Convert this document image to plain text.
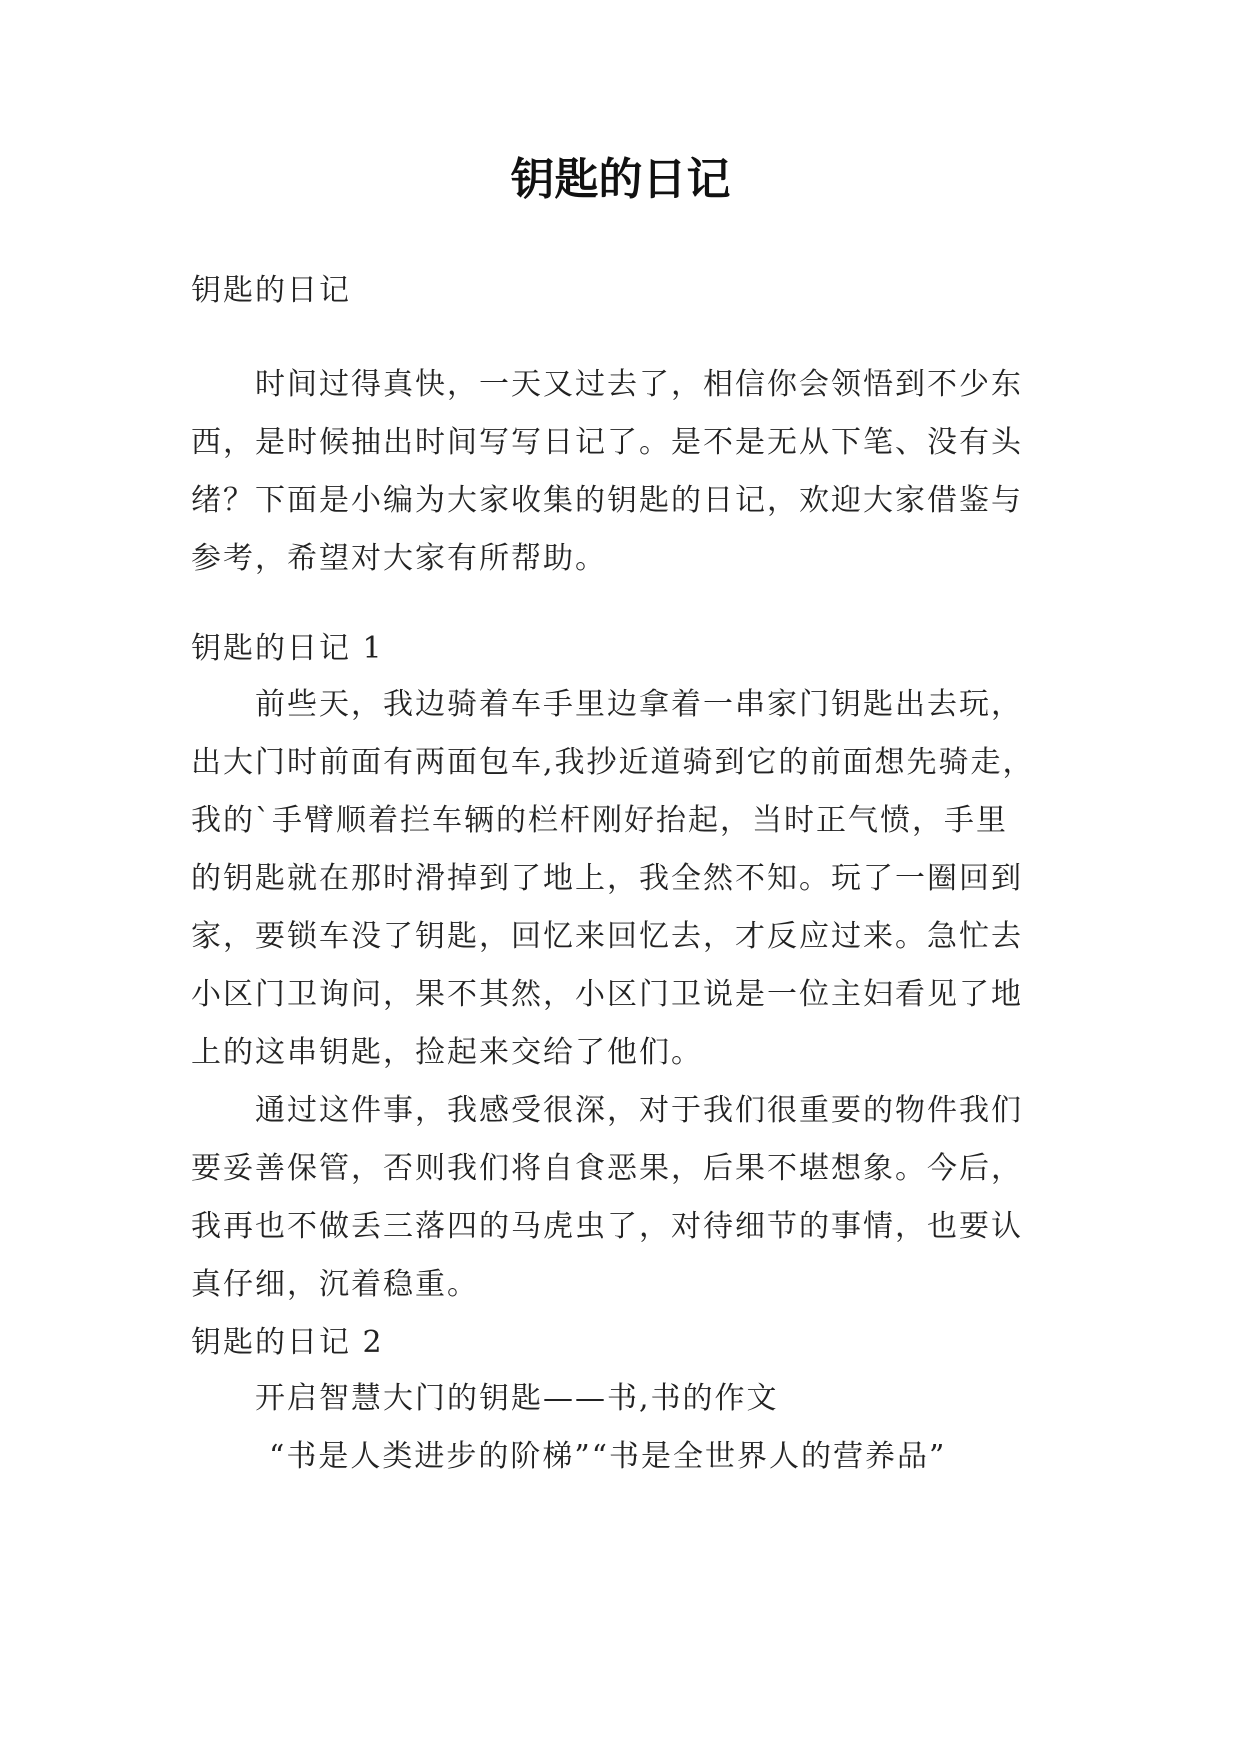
钥匙的日记

钥匙的日记

时间过得真快，一天又过去了，相信你会领悟到不少东
西，是时候抽出时间写写日记了。是不是无从下笔、没有头
绪？下面是小编为大家收集的钥匙的日记，欢迎大家借鉴与
参考，希望对大家有所帮助。

钥匙的日记 1

前些天，我边骑着车手里边拿着一串家门钥匙出去玩，
出大门时前面有两面包车,我抄近道骑到它的前面想先骑走，
我的`手臂顺着拦车辆的栏杆刚好抬起，当时正气愤，手里
的钥匙就在那时滑掉到了地上，我全然不知。玩了一圈回到
家，要锁车没了钥匙，回忆来回忆去，才反应过来。急忙去
小区门卫询问，果不其然，小区门卫说是一位主妇看见了地
上的这串钥匙，捡起来交给了他们。
通过这件事，我感受很深，对于我们很重要的物件我们
要妥善保管，否则我们将自食恶果，后果不堪想象。今后，
我再也不做丢三落四的马虎虫了，对待细节的事情，也要认
真仔细，沉着稳重。

钥匙的日记 2

开启智慧大门的钥匙——书,书的作文
“书是人类进步的阶梯”“书是全世界人的营养品”
